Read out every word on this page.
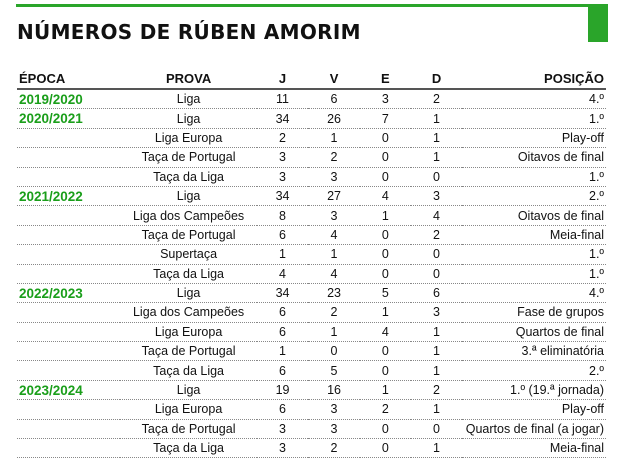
NÚMEROS DE RÚBEN AMORIM
ÉPOCA	PROVA	J	V	E	D	POSIÇÃO
2019/2020	Liga	11	6	3	2	4.º
2020/2021	Liga	34	26	7	1	1.º
	Liga Europa	2	1	0	1	Play-off
	Taça de Portugal	3	2	0	1	Oitavos de final
	Taça da Liga	3	3	0	0	1.º
2021/2022	Liga	34	27	4	3	2.º
	Liga dos Campeões	8	3	1	4	Oitavos de final
	Taça de Portugal	6	4	0	2	Meia-final
	Supertaça	1	1	0	0	1.º
	Taça da Liga	4	4	0	0	1.º
2022/2023	Liga	34	23	5	6	4.º
	Liga dos Campeões	6	2	1	3	Fase de grupos
	Liga Europa	6	1	4	1	Quartos de final
	Taça de Portugal	1	0	0	1	3.ª eliminatória
	Taça da Liga	6	5	0	1	2.º
2023/2024	Liga	19	16	1	2	1.º (19.ª jornada)
	Liga Europa	6	3	2	1	Play-off
	Taça de Portugal	3	3	0	0	Quartos de final (a jogar)
	Taça da Liga	3	2	0	1	Meia-final
